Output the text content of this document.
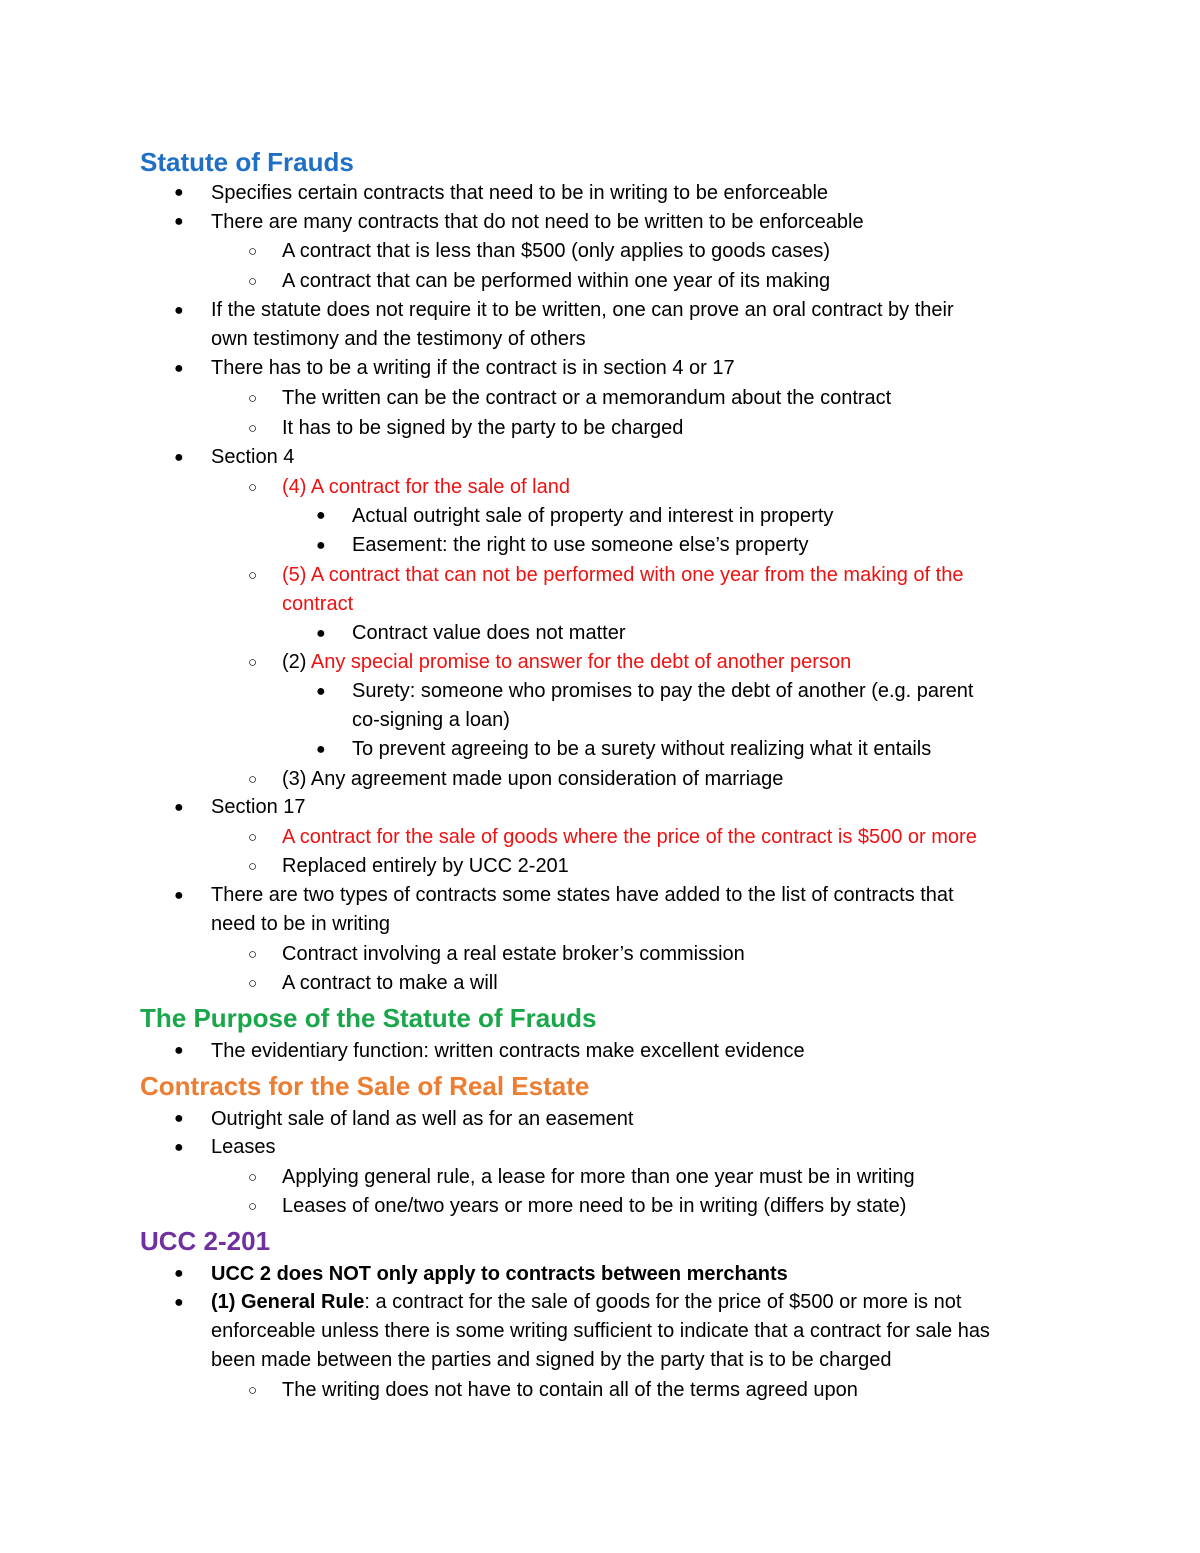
Statute of Frauds
● Specifies certain contracts that need to be in writing to be enforceable
● There are many contracts that do not need to be written to be enforceable
○ A contract that is less than $500 (only applies to goods cases)
○ A contract that can be performed within one year of its making
● If the statute does not require it to be written, one can prove an oral contract by their
own testimony and the testimony of others
● There has to be a writing if the contract is in section 4 or 17
○ The written can be the contract or a memorandum about the contract
○ It has to be signed by the party to be charged
● Section 4
○ (4) A contract for the sale of land
● Actual outright sale of property and interest in property
● Easement: the right to use someone else’s property
○ (5) A contract that can not be performed with one year from the making of the
contract
● Contract value does not matter
○ (2) Any special promise to answer for the debt of another person
● Surety: someone who promises to pay the debt of another (e.g. parent
co-signing a loan)
● To prevent agreeing to be a surety without realizing what it entails
○ (3) Any agreement made upon consideration of marriage
● Section 17
○ A contract for the sale of goods where the price of the contract is $500 or more
○ Replaced entirely by UCC 2-201
● There are two types of contracts some states have added to the list of contracts that
need to be in writing
○ Contract involving a real estate broker’s commission
○ A contract to make a will
The Purpose of the Statute of Frauds
● The evidentiary function: written contracts make excellent evidence
Contracts for the Sale of Real Estate
● Outright sale of land as well as for an easement
● Leases
○ Applying general rule, a lease for more than one year must be in writing
○ Leases of one/two years or more need to be in writing (differs by state)
UCC 2-201
● UCC 2 does NOT only apply to contracts between merchants
● (1) General Rule: a contract for the sale of goods for the price of $500 or more is not
enforceable unless there is some writing sufficient to indicate that a contract for sale has
been made between the parties and signed by the party that is to be charged
○ The writing does not have to contain all of the terms agreed upon
